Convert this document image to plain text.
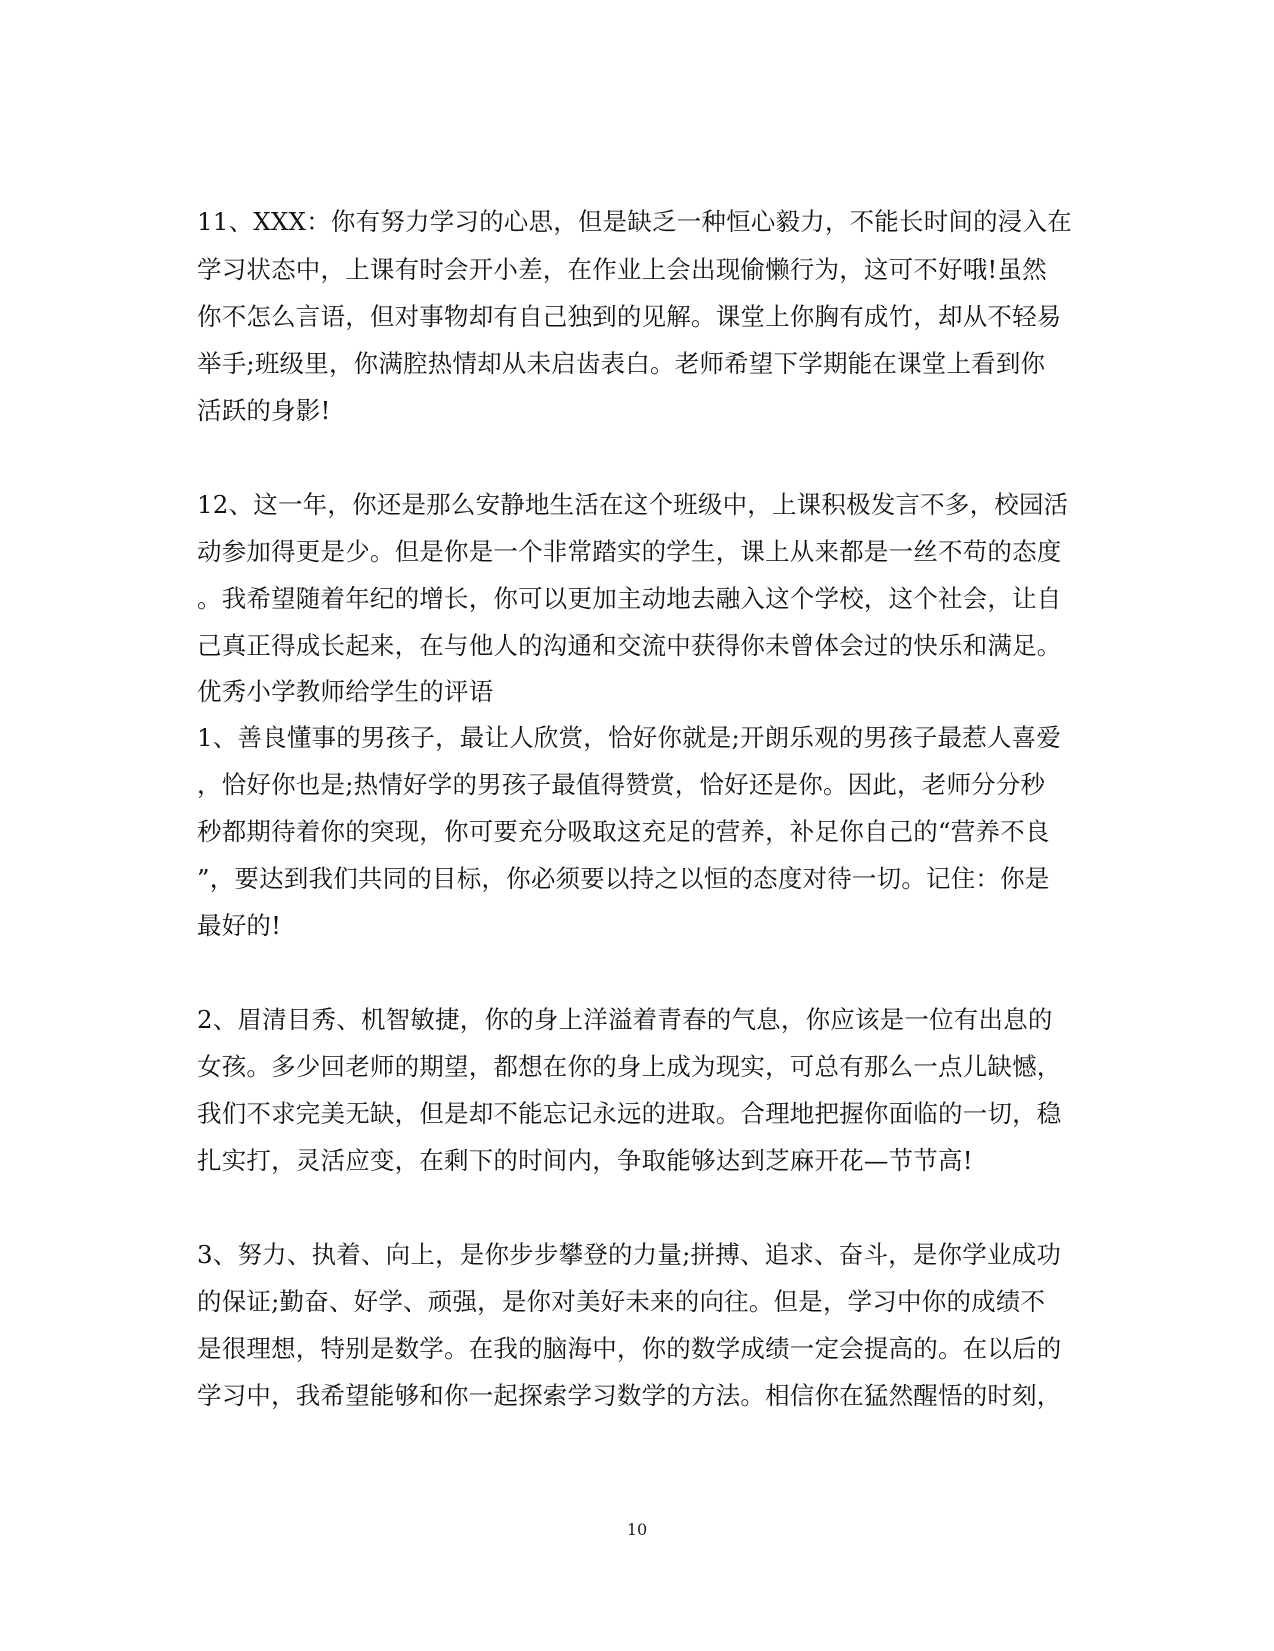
11、XXX：你有努力学习的心思，但是缺乏一种恒心毅力，不能长时间的浸入在
学习状态中，上课有时会开小差，在作业上会出现偷懒行为，这可不好哦!虽然
你不怎么言语，但对事物却有自己独到的见解。课堂上你胸有成竹，却从不轻易
举手;班级里，你满腔热情却从未启齿表白。老师希望下学期能在课堂上看到你
活跃的身影!
12、这一年，你还是那么安静地生活在这个班级中，上课积极发言不多，校园活
动参加得更是少。但是你是一个非常踏实的学生，课上从来都是一丝不苟的态度
。我希望随着年纪的增长，你可以更加主动地去融入这个学校，这个社会，让自
己真正得成长起来，在与他人的沟通和交流中获得你未曾体会过的快乐和满足。
优秀小学教师给学生的评语
1、善良懂事的男孩子，最让人欣赏，恰好你就是;开朗乐观的男孩子最惹人喜爱
，恰好你也是;热情好学的男孩子最值得赞赏，恰好还是你。因此，老师分分秒
秒都期待着你的突现，你可要充分吸取这充足的营养，补足你自己的“营养不良
”，要达到我们共同的目标，你必须要以持之以恒的态度对待一切。记住：你是
最好的!
2、眉清目秀、机智敏捷，你的身上洋溢着青春的气息，你应该是一位有出息的
女孩。多少回老师的期望，都想在你的身上成为现实，可总有那么一点儿缺憾，
我们不求完美无缺，但是却不能忘记永远的进取。合理地把握你面临的一切，稳
扎实打，灵活应变，在剩下的时间内，争取能够达到芝麻开花—节节高!
3、努力、执着、向上，是你步步攀登的力量;拼搏、追求、奋斗，是你学业成功
的保证;勤奋、好学、顽强，是你对美好未来的向往。但是，学习中你的成绩不
是很理想，特别是数学。在我的脑海中，你的数学成绩一定会提高的。在以后的
学习中，我希望能够和你一起探索学习数学的方法。相信你在猛然醒悟的时刻，
10
